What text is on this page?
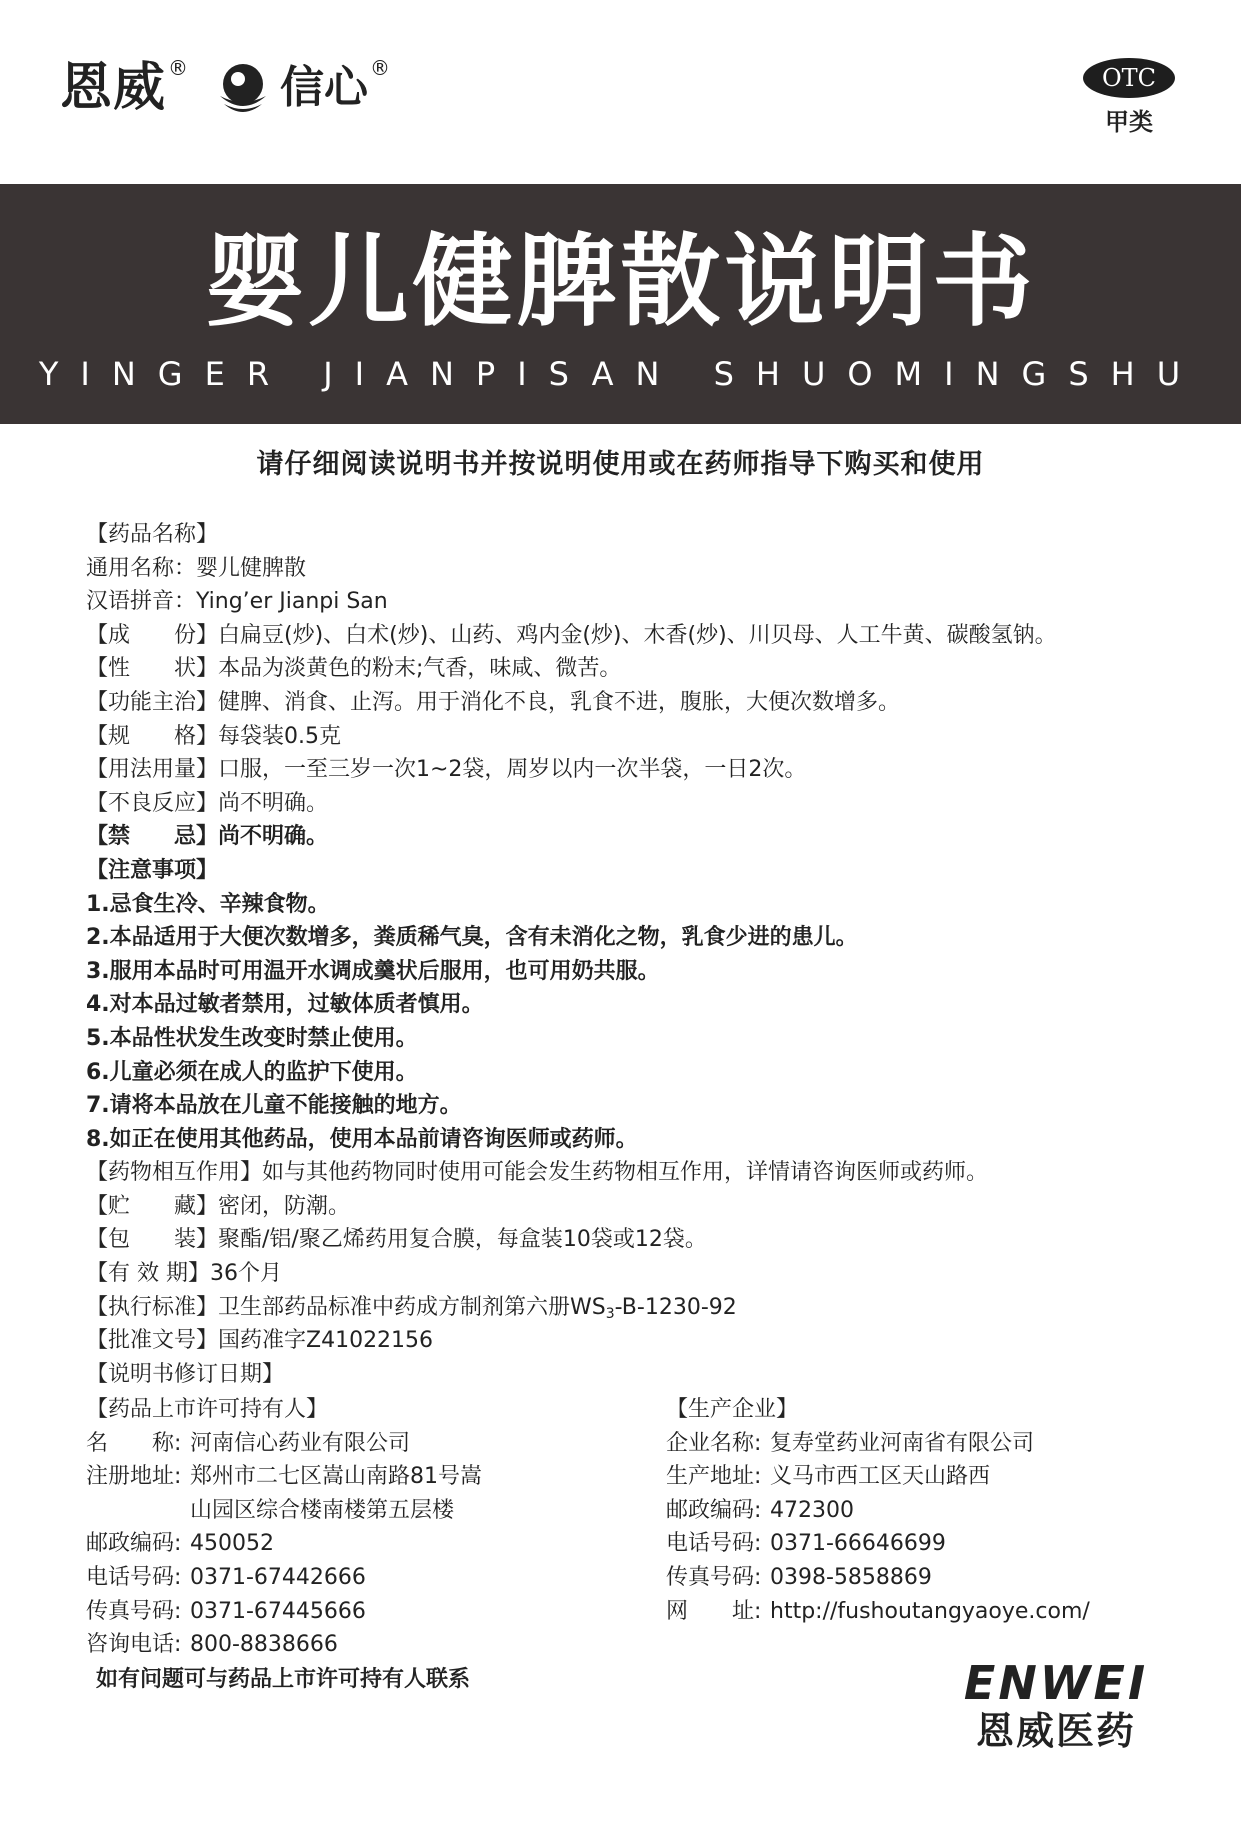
恩威 ® 信心 ®	OTC
甲类
婴儿健脾散说明书
YINGER JIANPISAN SHUOMINGSHU
请仔细阅读说明书并按说明使用或在药师指导下购买和使用
【药品名称】
通用名称：婴儿健脾散
汉语拼音：Ying’er Jianpi San
【成　　份】白扁豆(炒)、白术(炒)、山药、鸡内金(炒)、木香(炒)、川贝母、人工牛黄、碳酸氢钠。
【性　　状】本品为淡黄色的粉末;气香，味咸、微苦。
【功能主治】健脾、消食、止泻。用于消化不良，乳食不进，腹胀，大便次数增多。
【规　　格】每袋装0.5克
【用法用量】口服，一至三岁一次1~2袋，周岁以内一次半袋，一日2次。
【不良反应】尚不明确。
【禁　　忌】尚不明确。
【注意事项】
1.忌食生冷、辛辣食物。
2.本品适用于大便次数增多，粪质稀气臭，含有未消化之物，乳食少进的患儿。
3.服用本品时可用温开水调成羹状后服用，也可用奶共服。
4.对本品过敏者禁用，过敏体质者慎用。
5.本品性状发生改变时禁止使用。
6.儿童必须在成人的监护下使用。
7.请将本品放在儿童不能接触的地方。
8.如正在使用其他药品，使用本品前请咨询医师或药师。
【药物相互作用】如与其他药物同时使用可能会发生药物相互作用，详情请咨询医师或药师。
【贮　　藏】密闭，防潮。
【包　　装】聚酯/铝/聚乙烯药用复合膜，每盒装10袋或12袋。
【有 效 期】36个月
【执行标准】卫生部药品标准中药成方制剂第六册$WS_3-B-1230-92$
【批准文号】国药准字Z41022156
【说明书修订日期】
【药品上市许可持有人】
名　　称: 河南信心药业有限公司
注册地址: 郑州市二七区嵩山南路81号嵩
山园区综合楼南楼第五层楼
邮政编码: 450052
电话号码: 0371-67442666
传真号码: 0371-67445666
咨询电话: 800-8838666
【生产企业】
企业名称: 复寿堂药业河南省有限公司
生产地址: 义马市西工区天山路西
邮政编码: 472300
电话号码: 0371-66646699
传真号码: 0398-5858869
网　　址: http://fushoutangyaoye.com/
如有问题可与药品上市许可持有人联系	ENWEI
恩威医药
